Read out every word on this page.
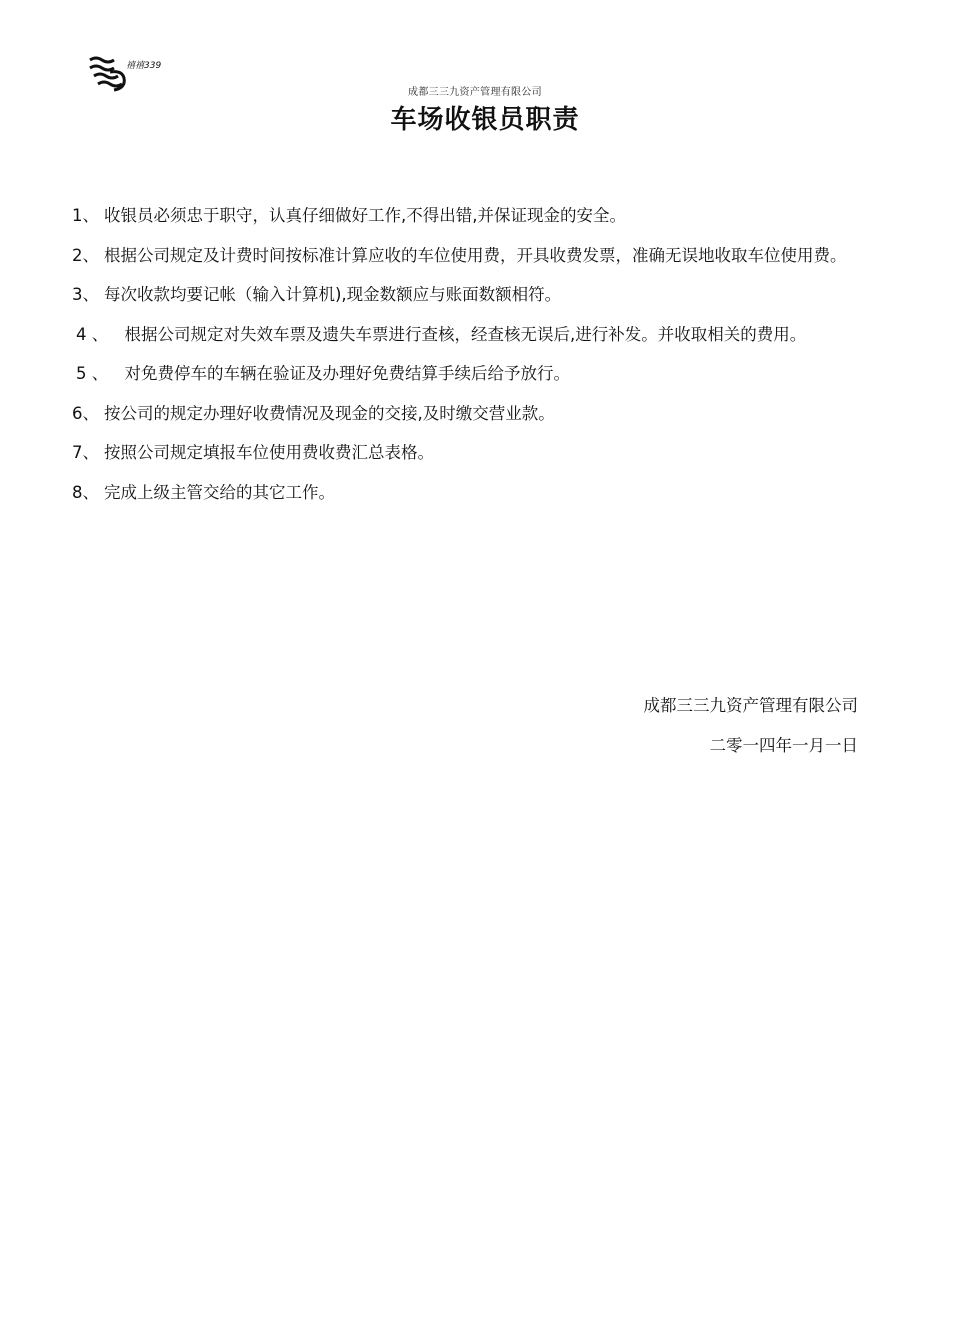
禧禧339
成都三三九资产管理有限公司
车场收银员职责
1、 收银员必须忠于职守，认真仔细做好工作,不得出错,并保证现金的安全。
2、 根据公司规定及计费时间按标准计算应收的车位使用费，开具收费发票，准确无误地收取车位使用费。
3、 每次收款均要记帐（输入计算机),现金数额应与账面数额相符。
4 、 根据公司规定对失效车票及遗失车票进行查核，经查核无误后,进行补发。并收取相关的费用。
5 、 对免费停车的车辆在验证及办理好免费结算手续后给予放行。
6、 按公司的规定办理好收费情况及现金的交接,及时缴交营业款。
7、 按照公司规定填报车位使用费收费汇总表格。
8、 完成上级主管交给的其它工作。
成都三三九资产管理有限公司
二零一四年一月一日
